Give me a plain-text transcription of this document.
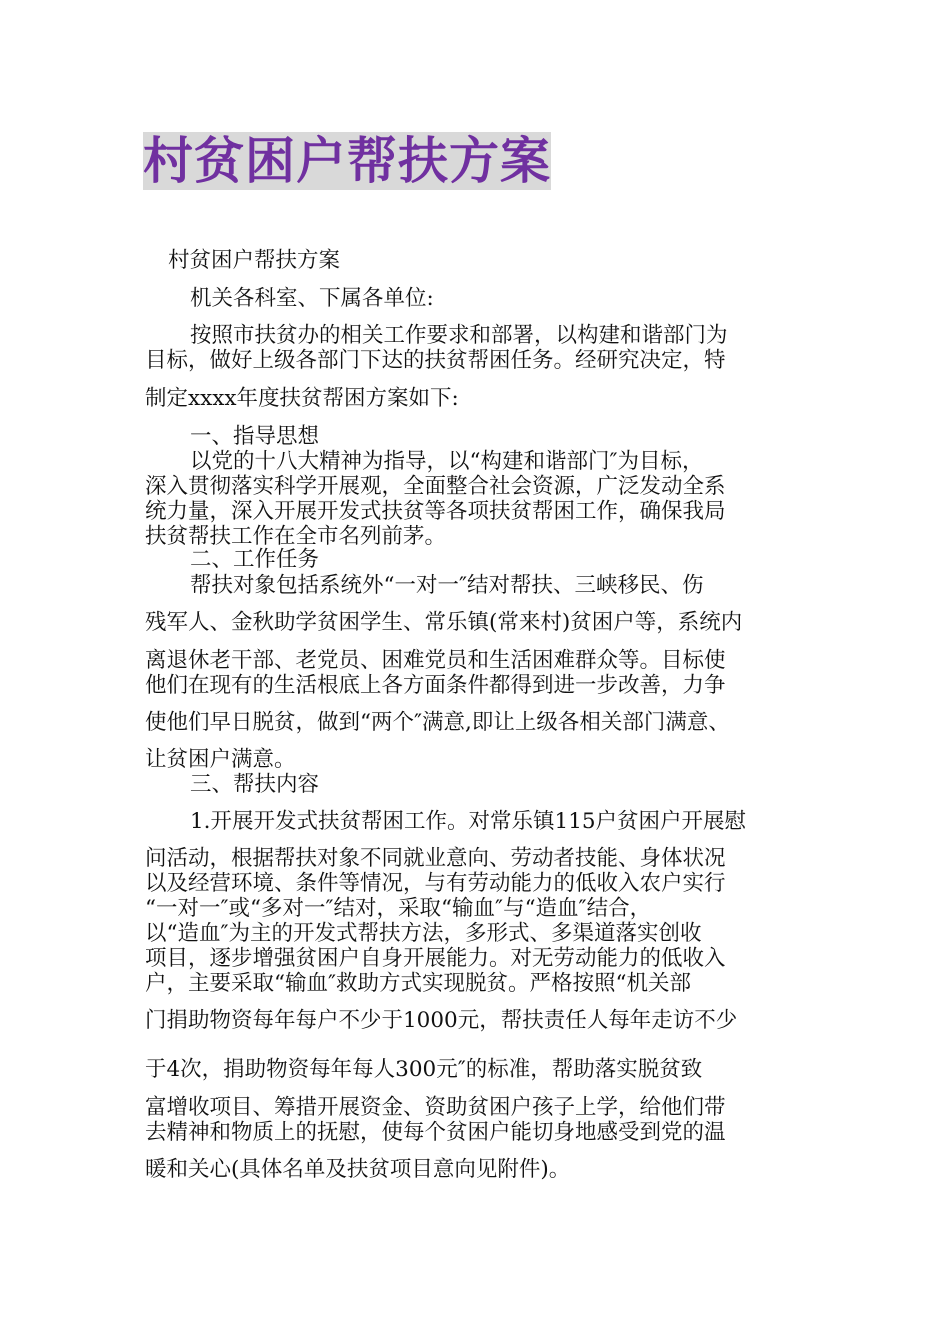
村贫困户帮扶方案
村贫困户帮扶方案
机关各科室、下属各单位:
按照市扶贫办的相关工作要求和部署，以构建和谐部门为
目标，做好上级各部门下达的扶贫帮困任务。经研究决定，特
制定xxxx年度扶贫帮困方案如下:
一、指导思想
以党的十八大精神为指导，以“构建和谐部门″为目标，
深入贯彻落实科学开展观，全面整合社会资源，广泛发动全系
统力量，深入开展开发式扶贫等各项扶贫帮困工作，确保我局
扶贫帮扶工作在全市名列前茅。
二、工作任务
帮扶对象包括系统外“一对一″结对帮扶、三峡移民、伤
残军人、金秋助学贫困学生、常乐镇(常来村)贫困户等，系统内
离退休老干部、老党员、困难党员和生活困难群众等。目标使
他们在现有的生活根底上各方面条件都得到进一步改善，力争
使他们早日脱贫，做到“两个″满意,即让上级各相关部门满意、
让贫困户满意。
三、帮扶内容
1.开展开发式扶贫帮困工作。对常乐镇115户贫困户开展慰
问活动，根据帮扶对象不同就业意向、劳动者技能、身体状况
以及经营环境、条件等情况，与有劳动能力的低收入农户实行
“一对一″或“多对一″结对，采取“输血″与“造血″结合，
以“造血″为主的开发式帮扶方法，多形式、多渠道落实创收
项目，逐步增强贫困户自身开展能力。对无劳动能力的低收入
户，主要采取“输血″救助方式实现脱贫。严格按照“机关部
门捐助物资每年每户不少于1000元，帮扶责任人每年走访不少
于4次，捐助物资每年每人300元″的标准，帮助落实脱贫致
富增收项目、筹措开展资金、资助贫困户孩子上学，给他们带
去精神和物质上的抚慰，使每个贫困户能切身地感受到党的温
暖和关心(具体名单及扶贫项目意向见附件)。
